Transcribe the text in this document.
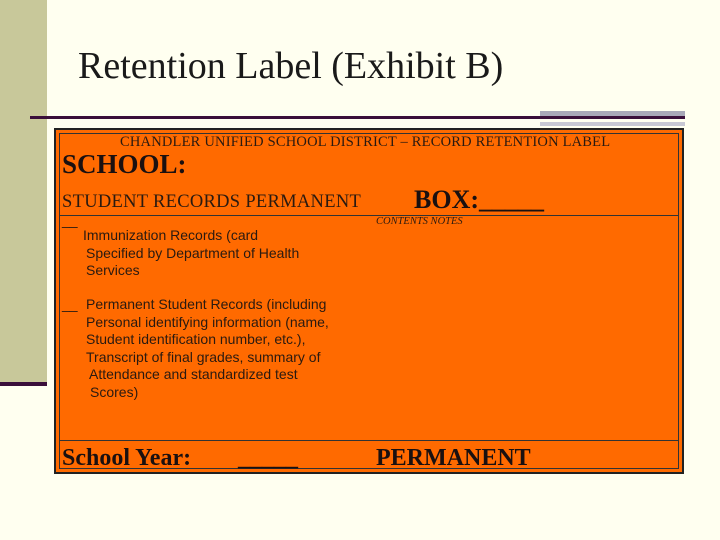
Retention Label (Exhibit B)
CHANDLER UNIFIED SCHOOL DISTRICT – RECORD RETENTION LABEL
SCHOOL:
STUDENT RECORDS PERMANENT BOX:_____
__	CONTENTS NOTES
Immunization Records (card
Specified by Department of Health
Services
__ Permanent Student Records (including
Personal identifying information (name,
Student identification number, etc.),
Transcript of final grades, summary of
Attendance and standardized test
Scores)
School Year: _____	PERMANENT
